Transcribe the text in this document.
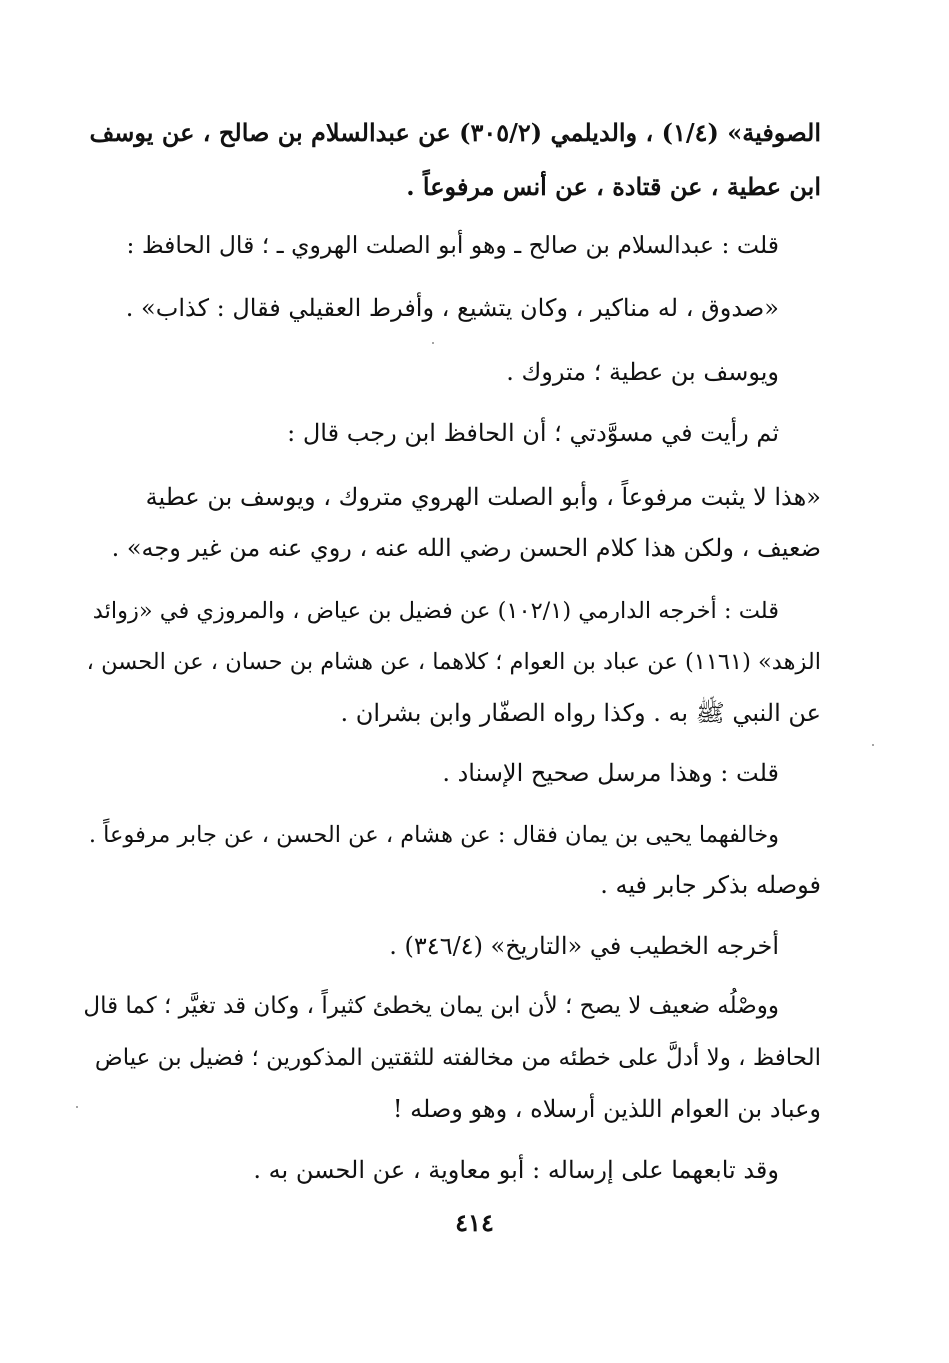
الصوفية» (١/٤) ، والديلمي (٣٠٥/٢) عن عبدالسلام بن صالح ، عن يوسف
ابن عطية ، عن قتادة ، عن أنس مرفوعاً .
قلت : عبدالسلام بن صالح ـ وهو أبو الصلت الهروي ـ ؛ قال الحافظ :
«صدوق ، له مناكير ، وكان يتشيع ، وأفرط العقيلي فقال : كذاب» .
ويوسف بن عطية ؛ متروك .
ثم رأيت في مسوَّدتي ؛ أن الحافظ ابن رجب قال :
«هذا لا يثبت مرفوعاً ، وأبو الصلت الهروي متروك ، ويوسف بن عطية
ضعيف ، ولكن هذا كلام الحسن رضي الله عنه ، روي عنه من غير وجه» .
قلت : أخرجه الدارمي (١٠٢/١) عن فضيل بن عياض ، والمروزي في «زوائد
الزهد» (١١٦١) عن عباد بن العوام ؛ كلاهما ، عن هشام بن حسان ، عن الحسن ،
عن النبي ﷺ به . وكذا رواه الصفّار وابن بشران .
قلت : وهذا مرسل صحيح الإسناد .
وخالفهما يحيى بن يمان فقال : عن هشام ، عن الحسن ، عن جابر مرفوعاً .
فوصله بذكر جابر فيه .
أخرجه الخطيب في «التاريخ» (٣٤٦/٤) .
ووصْلُه ضعيف لا يصح ؛ لأن ابن يمان يخطئ كثيراً ، وكان قد تغيَّر ؛ كما قال
الحافظ ، ولا أدلَّ على خطئه من مخالفته للثقتين المذكورين ؛ فضيل بن عياض
وعباد بن العوام اللذين أرسلاه ، وهو وصله !
وقد تابعهما على إرساله : أبو معاوية ، عن الحسن به .
٤١٤
